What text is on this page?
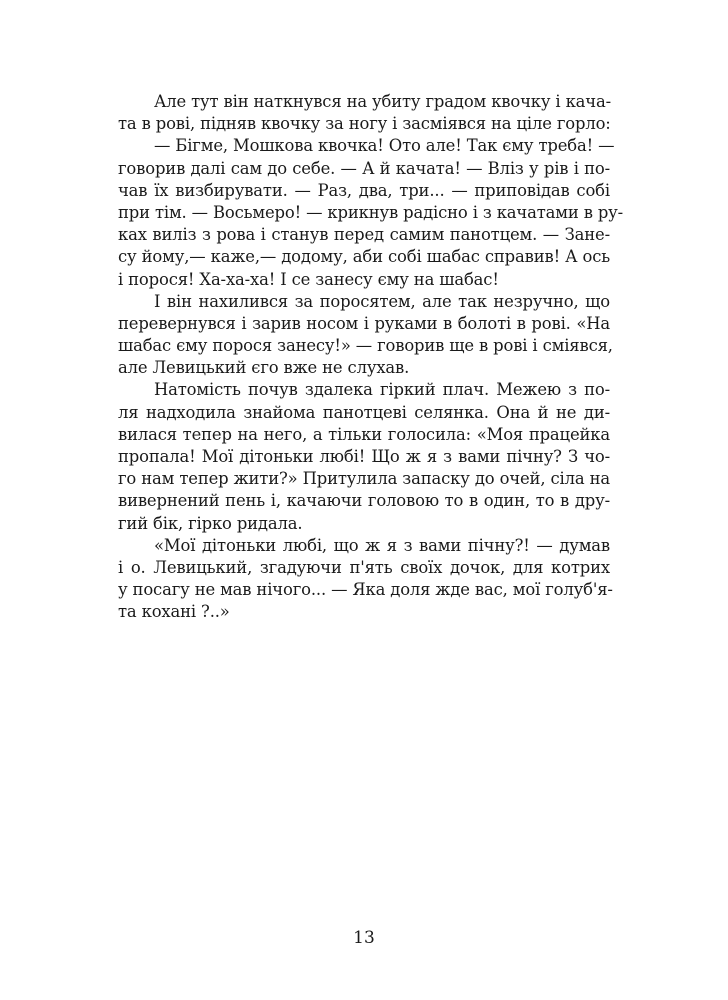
Але тут він наткнувся на убиту градом квочку і кача-
та в рові, підняв квочку за ногу і засміявся на ціле горло:
— Бігме, Мошкова квочка! Ото але! Так єму треба! —
говорив далі сам до себе. — А й качата! — Вліз у рів і по-
чав їх визбирувати. — Раз, два, три... — приповідав собі
при тім. — Восьмеро! — крикнув радісно і з качатами в ру-
ках виліз з рова і станув перед самим панотцем. — Зане-
су йому,— каже,— додому, аби собі шабас справив! А ось
і порося! Ха-ха-ха! І се занесу єму на шабас!
І він нахилився за поросятем, але так незручно, що
перевернувся і зарив носом і руками в болоті в рові. «На
шабас єму порося занесу!» — говорив ще в рові і сміявся,
але Левицький єго вже не слухав.
Натомість почув здалека гіркий плач. Межею з по-
ля надходила знайома панотцеві селянка. Она й не ди-
вилася тепер на него, а тільки голосила: «Моя працейка
пропала! Мої дітоньки любі! Що ж я з вами пічну? З чо-
го нам тепер жити?» Притулила запаску до очей, сіла на
вивернений пень і, качаючи головою то в один, то в дру-
гий бік, гірко ридала.
«Мої дітоньки любі, що ж я з вами пічну?! — думав
і о. Левицький, згадуючи п'ять своїх дочок, для котрих
у посагу не мав нічого... — Яка доля жде вас, мої голуб'я-
та кохані ?..»
13
